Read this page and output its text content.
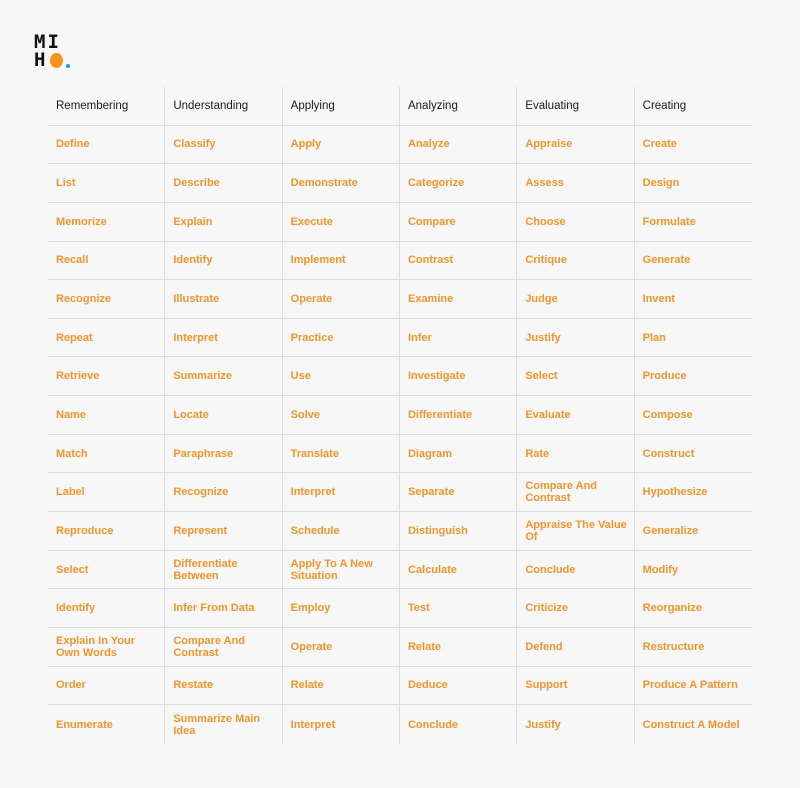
MI
H
Remembering
Define
List
Memorize
Recall
Recognize
Repeat
Retrieve
Name
Match
Label
Reproduce
Select
Identify
Explain In Your Own Words
Order
Enumerate
Understanding
Classify
Describe
Explain
Identify
Illustrate
Interpret
Summarize
Locate
Paraphrase
Recognize
Represent
Differentiate Between
Infer From Data
Compare And Contrast
Restate
Summarize Main Idea
Applying
Apply
Demonstrate
Execute
Implement
Operate
Practice
Use
Solve
Translate
Interpret
Schedule
Apply To A New Situation
Employ
Operate
Relate
Interpret
Analyzing
Analyze
Categorize
Compare
Contrast
Examine
Infer
Investigate
Differentiate
Diagram
Separate
Distinguish
Calculate
Test
Relate
Deduce
Conclude
Evaluating
Appraise
Assess
Choose
Critique
Judge
Justify
Select
Evaluate
Rate
Compare And Contrast
Appraise The Value Of
Conclude
Criticize
Defend
Support
Justify
Creating
Create
Design
Formulate
Generate
Invent
Plan
Produce
Compose
Construct
Hypothesize
Generalize
Modify
Reorganize
Restructure
Produce A Pattern
Construct A Model
